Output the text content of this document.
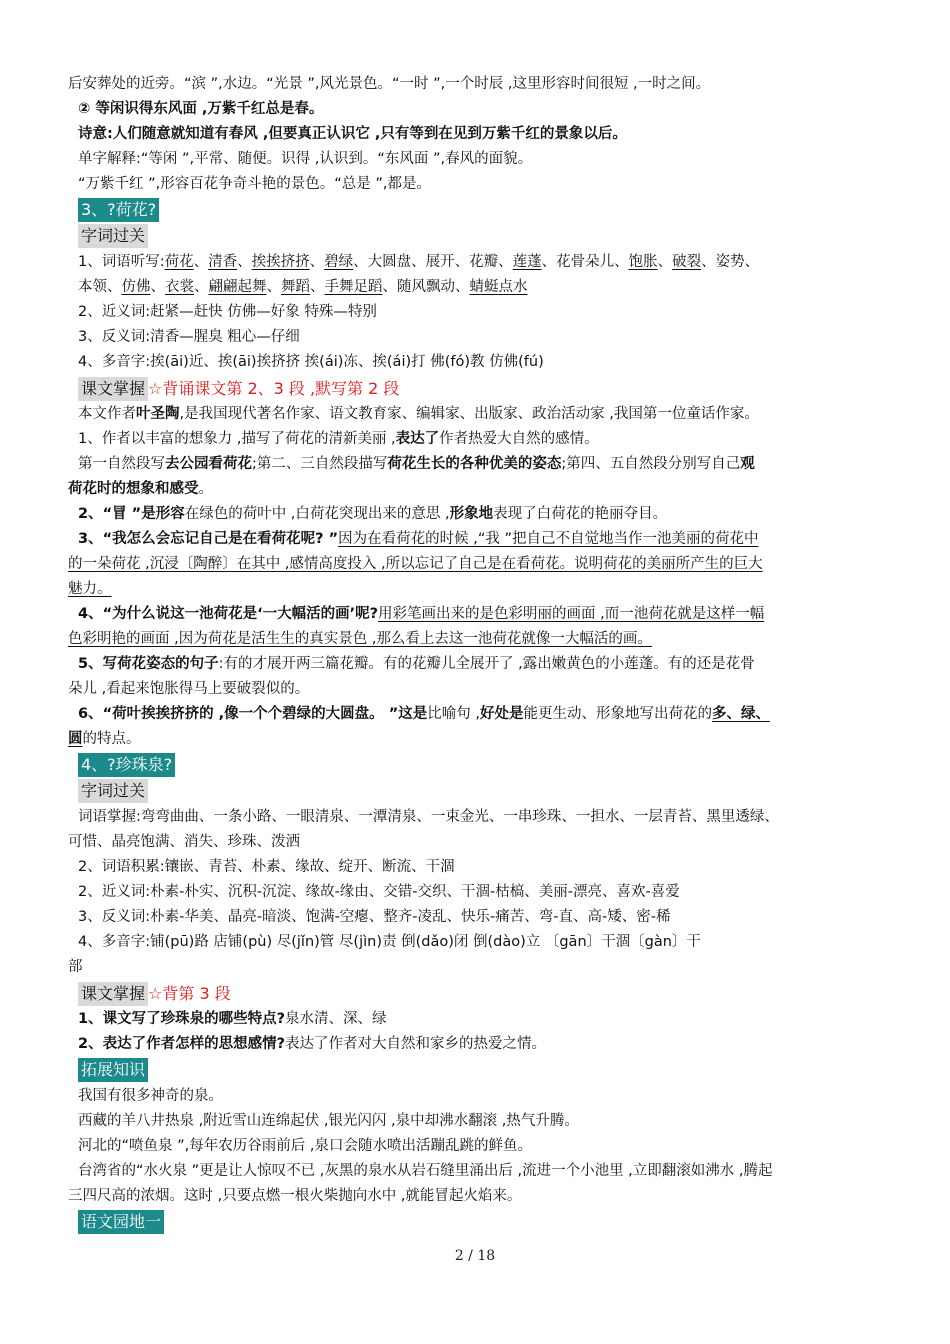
后安葬处的近旁。“滨 ”,水边。“光景 ”,风光景色。“一时 ”,一个时辰 ,这里形容时间很短 ,一时之间。

② 等闲识得东风面 ,万紫千红总是春。

诗意:人们随意就知道有春风 ,但要真正认识它 ,只有等到在见到万紫千红的景象以后。

单字解释:“等闲 ”,平常、随便。识得 ,认识到。“东风面 ”,春风的面貌。

“万紫千红 ”,形容百花争奇斗艳的景色。“总是 ”,都是。

3、?荷花?
字词过关

1、词语听写:荷花、清香、挨挨挤挤、碧绿、大圆盘、展开、花瓣、莲蓬、花骨朵儿、饱胀、破裂、姿势、

本领、仿佛、衣裳、翩翩起舞、舞蹈、手舞足蹈、随风飘动、蜻蜓点水

2、近义词:赶紧—赶快 仿佛—好象 特殊—特别

3、反义词:清香—腥臭 粗心—仔细

4、多音字:挨(āi)近、挨(āi)挨挤挤 挨(ái)冻、挨(ái)打 佛(fó)教 仿佛(fú)

课文掌握 ☆背诵课文第 2、3 段 ,默写第 2 段

本文作者叶圣陶,是我国现代著名作家、语文教育家、编辑家、出版家、政治活动家 ,我国第一位童话作家。

1、作者以丰富的想象力 ,描写了荷花的清新美丽 ,表达了作者热爱大自然的感情。

第一自然段写去公园看荷花;第二、三自然段描写荷花生长的各种优美的姿态;第四、五自然段分别写自己观

荷花时的想象和感受。

2、“冒 ”是形容在绿色的荷叶中 ,白荷花突现出来的意思 ,形象地表现了白荷花的艳丽夺目。

3、“我怎么会忘记自己是在看荷花呢? ”因为在看荷花的时候 ,“我 ”把自己不自觉地当作一池美丽的荷花中

的一朵荷花 ,沉浸〔陶醉〕在其中 ,感情高度投入 ,所以忘记了自己是在看荷花。说明荷花的美丽所产生的巨大

魅力。

4、“为什么说这一池荷花是‘一大幅活的画’呢?用彩笔画出来的是色彩明丽的画面 ,而一池荷花就是这样一幅

色彩明艳的画面 ,因为荷花是活生生的真实景色 ,那么看上去这一池荷花就像一大幅活的画。

5、写荷花姿态的句子:有的才展开两三篇花瓣。有的花瓣儿全展开了 ,露出嫩黄色的小莲蓬。有的还是花骨

朵儿 ,看起来饱胀得马上要破裂似的。

6、“荷叶挨挨挤挤的 ,像一个个碧绿的大圆盘。 ”这是比喻句 ,好处是能更生动、形象地写出荷花的多、绿、

圆的特点。

4、?珍珠泉?
字词过关

词语掌握:弯弯曲曲、一条小路、一眼清泉、一潭清泉、一束金光、一串珍珠、一担水、一层青苔、黑里透绿、

可惜、晶亮饱满、消失、珍珠、泼洒

2、词语积累:镶嵌、青苔、朴素、缘故、绽开、断流、干涸

2、近义词:朴素-朴实、沉积-沉淀、缘故-缘由、交错-交织、干涸-枯槁、美丽-漂亮、喜欢-喜爱

3、反义词:朴素-华美、晶亮-暗淡、饱满-空瘪、整齐-凌乱、快乐-痛苦、弯-直、高-矮、密-稀

4、多音字:铺(pū)路 店铺(pù) 尽(jǐn)管 尽(jìn)责 倒(dǎo)闭 倒(dào)立 〔gān〕干涸〔gàn〕干

部

课文掌握 ☆背第 3 段

1、课文写了珍珠泉的哪些特点?泉水清、深、绿

2、表达了作者怎样的思想感情?表达了作者对大自然和家乡的热爱之情。

拓展知识

我国有很多神奇的泉。

西藏的羊八井热泉 ,附近雪山连绵起伏 ,银光闪闪 ,泉中却沸水翻滚 ,热气升腾。

河北的“喷鱼泉 ”,每年农历谷雨前后 ,泉口会随水喷出活蹦乱跳的鲜鱼。

台湾省的“水火泉 ”更是让人惊叹不已 ,灰黑的泉水从岩石缝里涌出后 ,流进一个小池里 ,立即翻滚如沸水 ,腾起

三四尺高的浓烟。这时 ,只要点燃一根火柴抛向水中 ,就能冒起火焰来。

语文园地一
2 / 18
